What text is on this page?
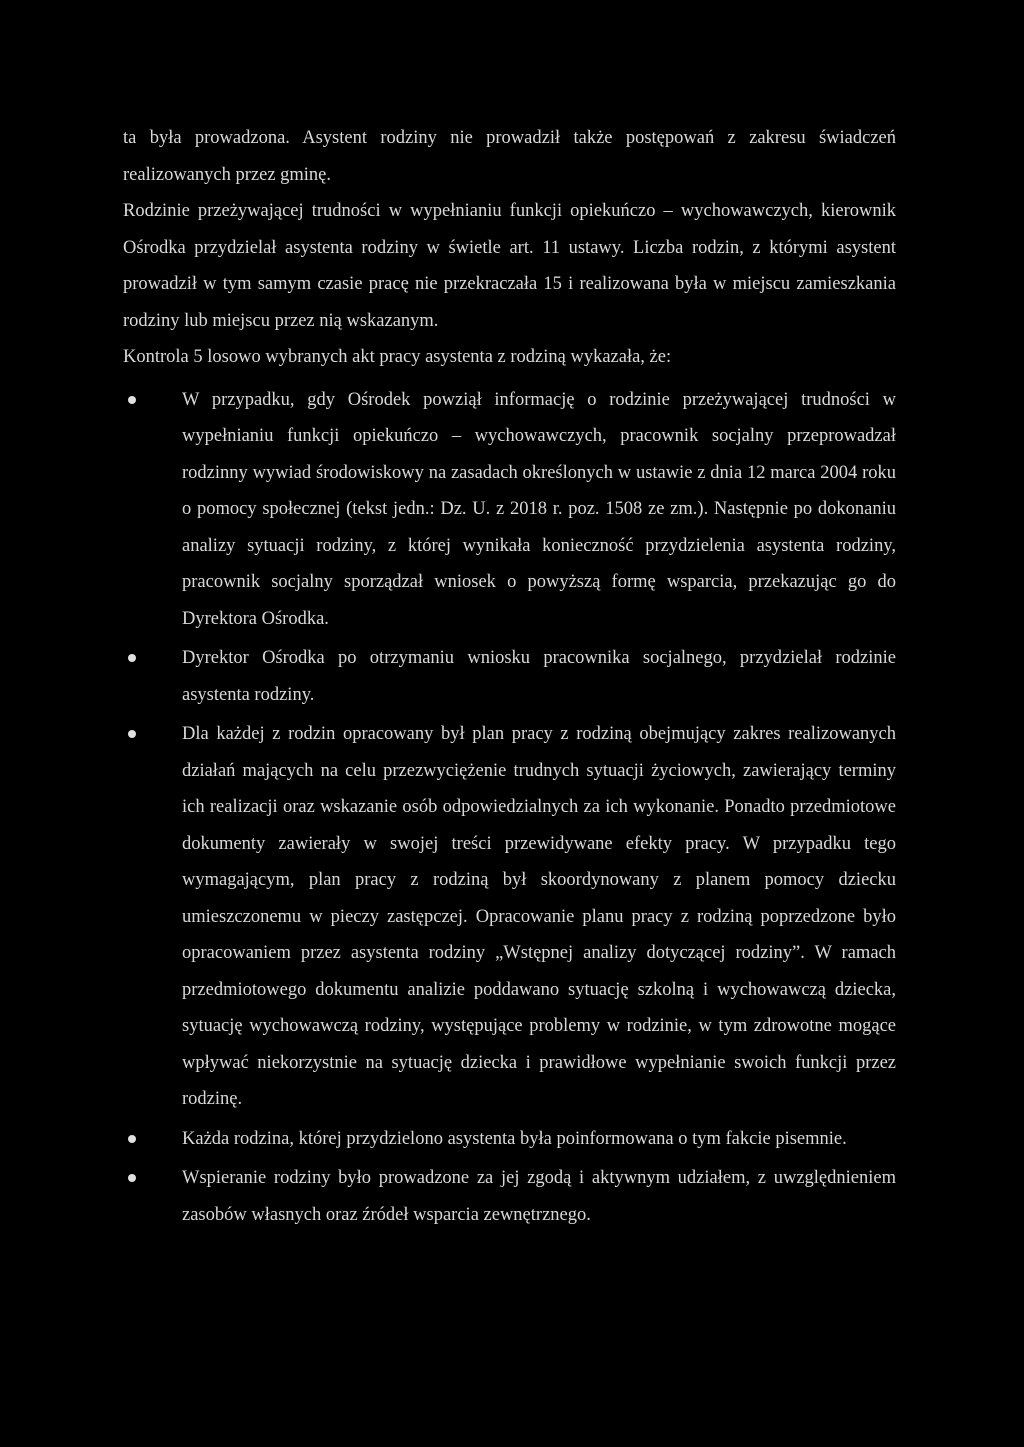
ta była prowadzona. Asystent rodziny nie prowadził także postępowań z zakresu świadczeń realizowanych przez gminę.

Rodzinie przeżywającej trudności w wypełnianiu funkcji opiekuńczo – wychowawczych, kierownik Ośrodka przydzielał asystenta rodziny w świetle art. 11 ustawy. Liczba rodzin, z którymi asystent prowadził w tym samym czasie pracę nie przekraczała 15 i realizowana była w miejscu zamieszkania rodziny lub miejscu przez nią wskazanym.

Kontrola 5 losowo wybranych akt pracy asystenta z rodziną wykazała, że:

W przypadku, gdy Ośrodek powziął informację o rodzinie przeżywającej trudności w wypełnianiu funkcji opiekuńczo – wychowawczych, pracownik socjalny przeprowadzał rodzinny wywiad środowiskowy na zasadach określonych w ustawie z dnia 12 marca 2004 roku o pomocy społecznej (tekst jedn.: Dz. U. z 2018 r. poz. 1508 ze zm.). Następnie po dokonaniu analizy sytuacji rodziny, z której wynikała konieczność przydzielenia asystenta rodziny, pracownik socjalny sporządzał wniosek o powyższą formę wsparcia, przekazując go do Dyrektora Ośrodka.
Dyrektor Ośrodka po otrzymaniu wniosku pracownika socjalnego, przydzielał rodzinie asystenta rodziny.
Dla każdej z rodzin opracowany był plan pracy z rodziną obejmujący zakres realizowanych działań mających na celu przezwyciężenie trudnych sytuacji życiowych, zawierający terminy ich realizacji oraz wskazanie osób odpowiedzialnych za ich wykonanie. Ponadto przedmiotowe dokumenty zawierały w swojej treści przewidywane efekty pracy. W przypadku tego wymagającym, plan pracy z rodziną był skoordynowany z planem pomocy dziecku umieszczonemu w pieczy zastępczej. Opracowanie planu pracy z rodziną poprzedzone było opracowaniem przez asystenta rodziny „Wstępnej analizy dotyczącej rodziny”. W ramach przedmiotowego dokumentu analizie poddawano sytuację szkolną i wychowawczą dziecka, sytuację wychowawczą rodziny, występujące problemy w rodzinie, w tym zdrowotne mogące wpływać niekorzystnie na sytuację dziecka i prawidłowe wypełnianie swoich funkcji przez rodzinę.
Każda rodzina, której przydzielono asystenta była poinformowana o tym fakcie pisemnie.
Wspieranie rodziny było prowadzone za jej zgodą i aktywnym udziałem, z uwzględnieniem zasobów własnych oraz źródeł wsparcia zewnętrznego.
